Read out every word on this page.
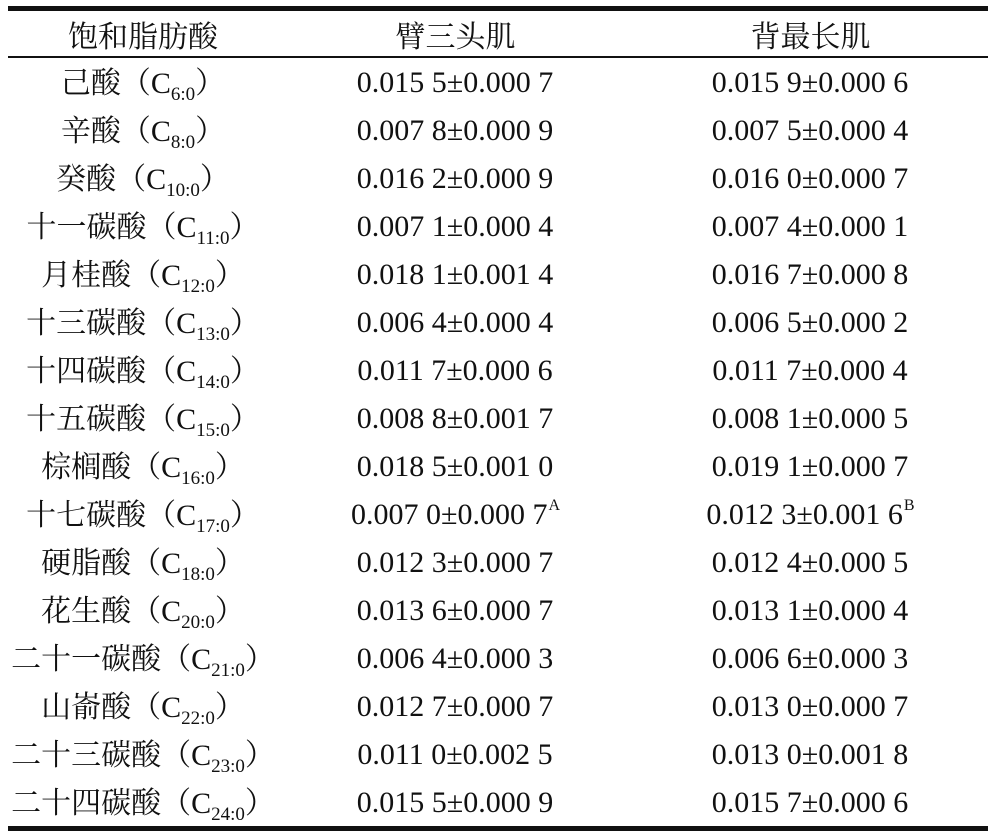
饱和脂肪酸	臂三头肌	背最长肌
己酸$(C_{6:0})$	0.015 5±0.000 7	0.015 9±0.000 6
辛酸$(C_{8:0})$	0.007 8±0.000 9	0.007 5±0.000 4
癸酸$(C_{10:0})$	0.016 2±0.000 9	0.016 0±0.000 7
十一碳酸$(C_{11:0})$	0.007 1±0.000 4	0.007 4±0.000 1
月桂酸$(C_{12:0})$	0.018 1±0.001 4	0.016 7±0.000 8
十三碳酸$(C_{13:0})$	0.006 4±0.000 4	0.006 5±0.000 2
十四碳酸$(C_{14:0})$	0.011 7±0.000 6	0.011 7±0.000 4
十五碳酸$(C_{15:0})$	0.008 8±0.001 7	0.008 1±0.000 5
棕榈酸$(C_{16:0})$	0.018 5±0.001 0	0.019 1±0.000 7
十七碳酸$(C_{17:0})$	0.007 0±0.000 $7^A$	0.012 3±0.001 $6^B$
硬脂酸$(C_{18:0})$	0.012 3±0.000 7	0.012 4±0.000 5
花生酸$(C_{20:0})$	0.013 6±0.000 7	0.013 1±0.000 4
二十一碳酸$(C_{21:0})$	0.006 4±0.000 3	0.006 6±0.000 3
山嵛酸$(C_{22:0})$	0.012 7±0.000 7	0.013 0±0.000 7
二十三碳酸$(C_{23:0})$	0.011 0±0.002 5	0.013 0±0.001 8
二十四碳酸$(C_{24:0})$	0.015 5±0.000 9	0.015 7±0.000 6
